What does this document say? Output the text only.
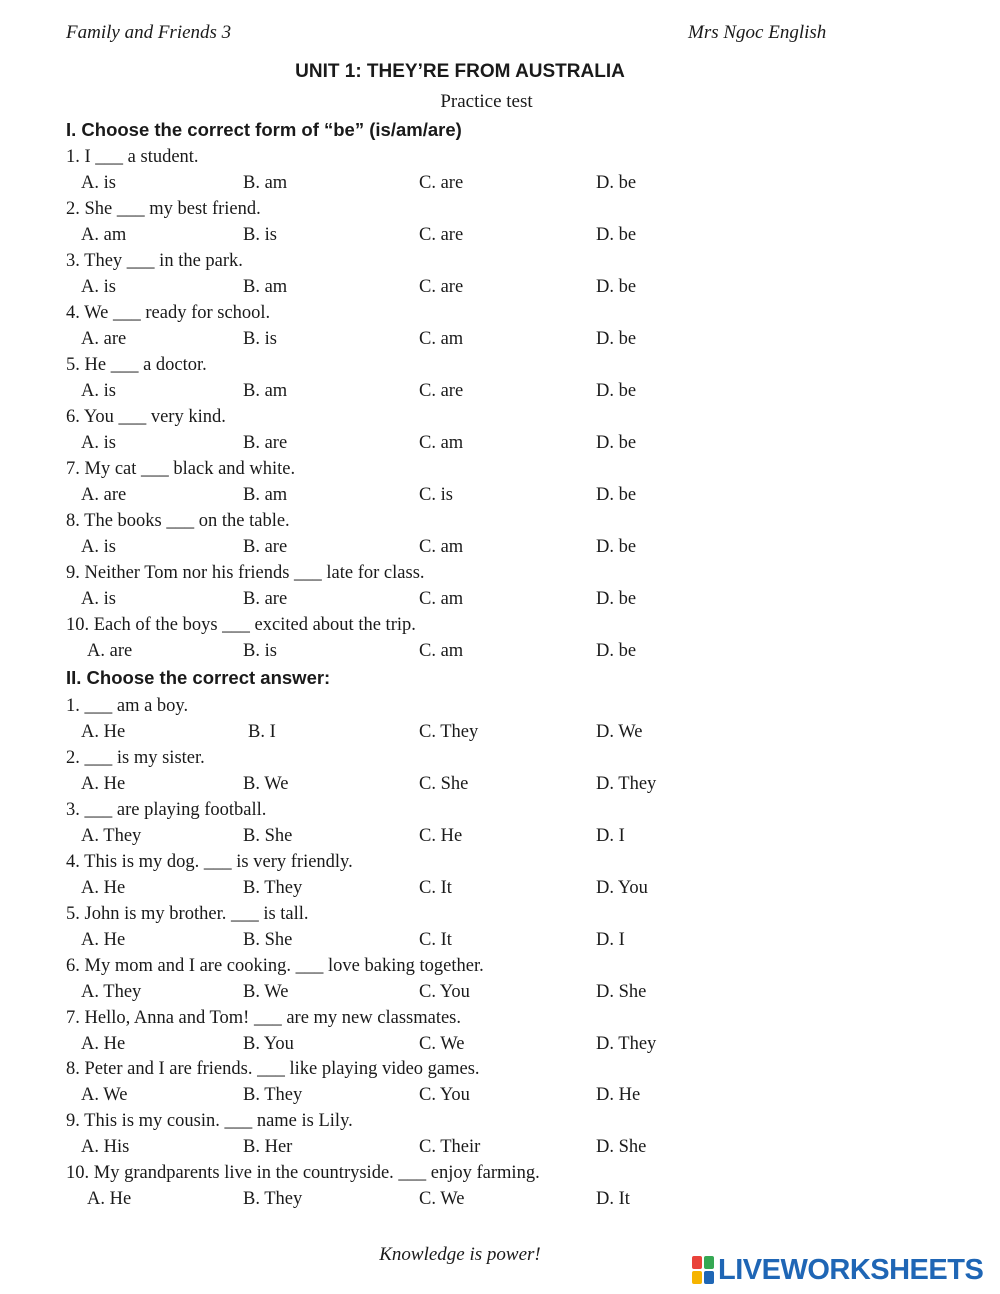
Family and Friends 3	Mrs Ngoc English
UNIT 1: THEY’RE FROM AUSTRALIA
Practice test
I. Choose the correct form of “be” (is/am/are)
1. I ___ a student.
A. is	B. am	C. are	D. be
2. She ___ my best friend.
A. am	B. is	C. are	D. be
3. They ___ in the park.
A. is	B. am	C. are	D. be
4. We ___ ready for school.
A. are	B. is	C. am	D. be
5. He ___ a doctor.
A. is	B. am	C. are	D. be
6. You ___ very kind.
A. is	B. are	C. am	D. be
7. My cat ___ black and white.
A. are	B. am	C. is	D. be
8. The books ___ on the table.
A. is	B. are	C. am	D. be
9. Neither Tom nor his friends ___ late for class.
A. is	B. are	C. am	D. be
10. Each of the boys ___ excited about the trip.
A. are	B. is	C. am	D. be
II. Choose the correct answer:
1. ___ am a boy.
A. He	B. I	C. They	D. We
2. ___ is my sister.
A. He	B. We	C. She	D. They
3. ___ are playing football.
A. They	B. She	C. He	D. I
4. This is my dog. ___ is very friendly.
A. He	B. They	C. It	D. You
5. John is my brother. ___ is tall.
A. He	B. She	C. It	D. I
6. My mom and I are cooking. ___ love baking together.
A. They	B. We	C. You	D. She
7. Hello, Anna and Tom! ___ are my new classmates.
A. He	B. You	C. We	D. They
8. Peter and I are friends. ___ like playing video games.
A. We	B. They	C. You	D. He
9. This is my cousin. ___ name is Lily.
A. His	B. Her	C. Their	D. She
10. My grandparents live in the countryside. ___ enjoy farming.
A. He	B. They	C. We	D. It
Knowledge is power!	LIVEWORKSHEETS
